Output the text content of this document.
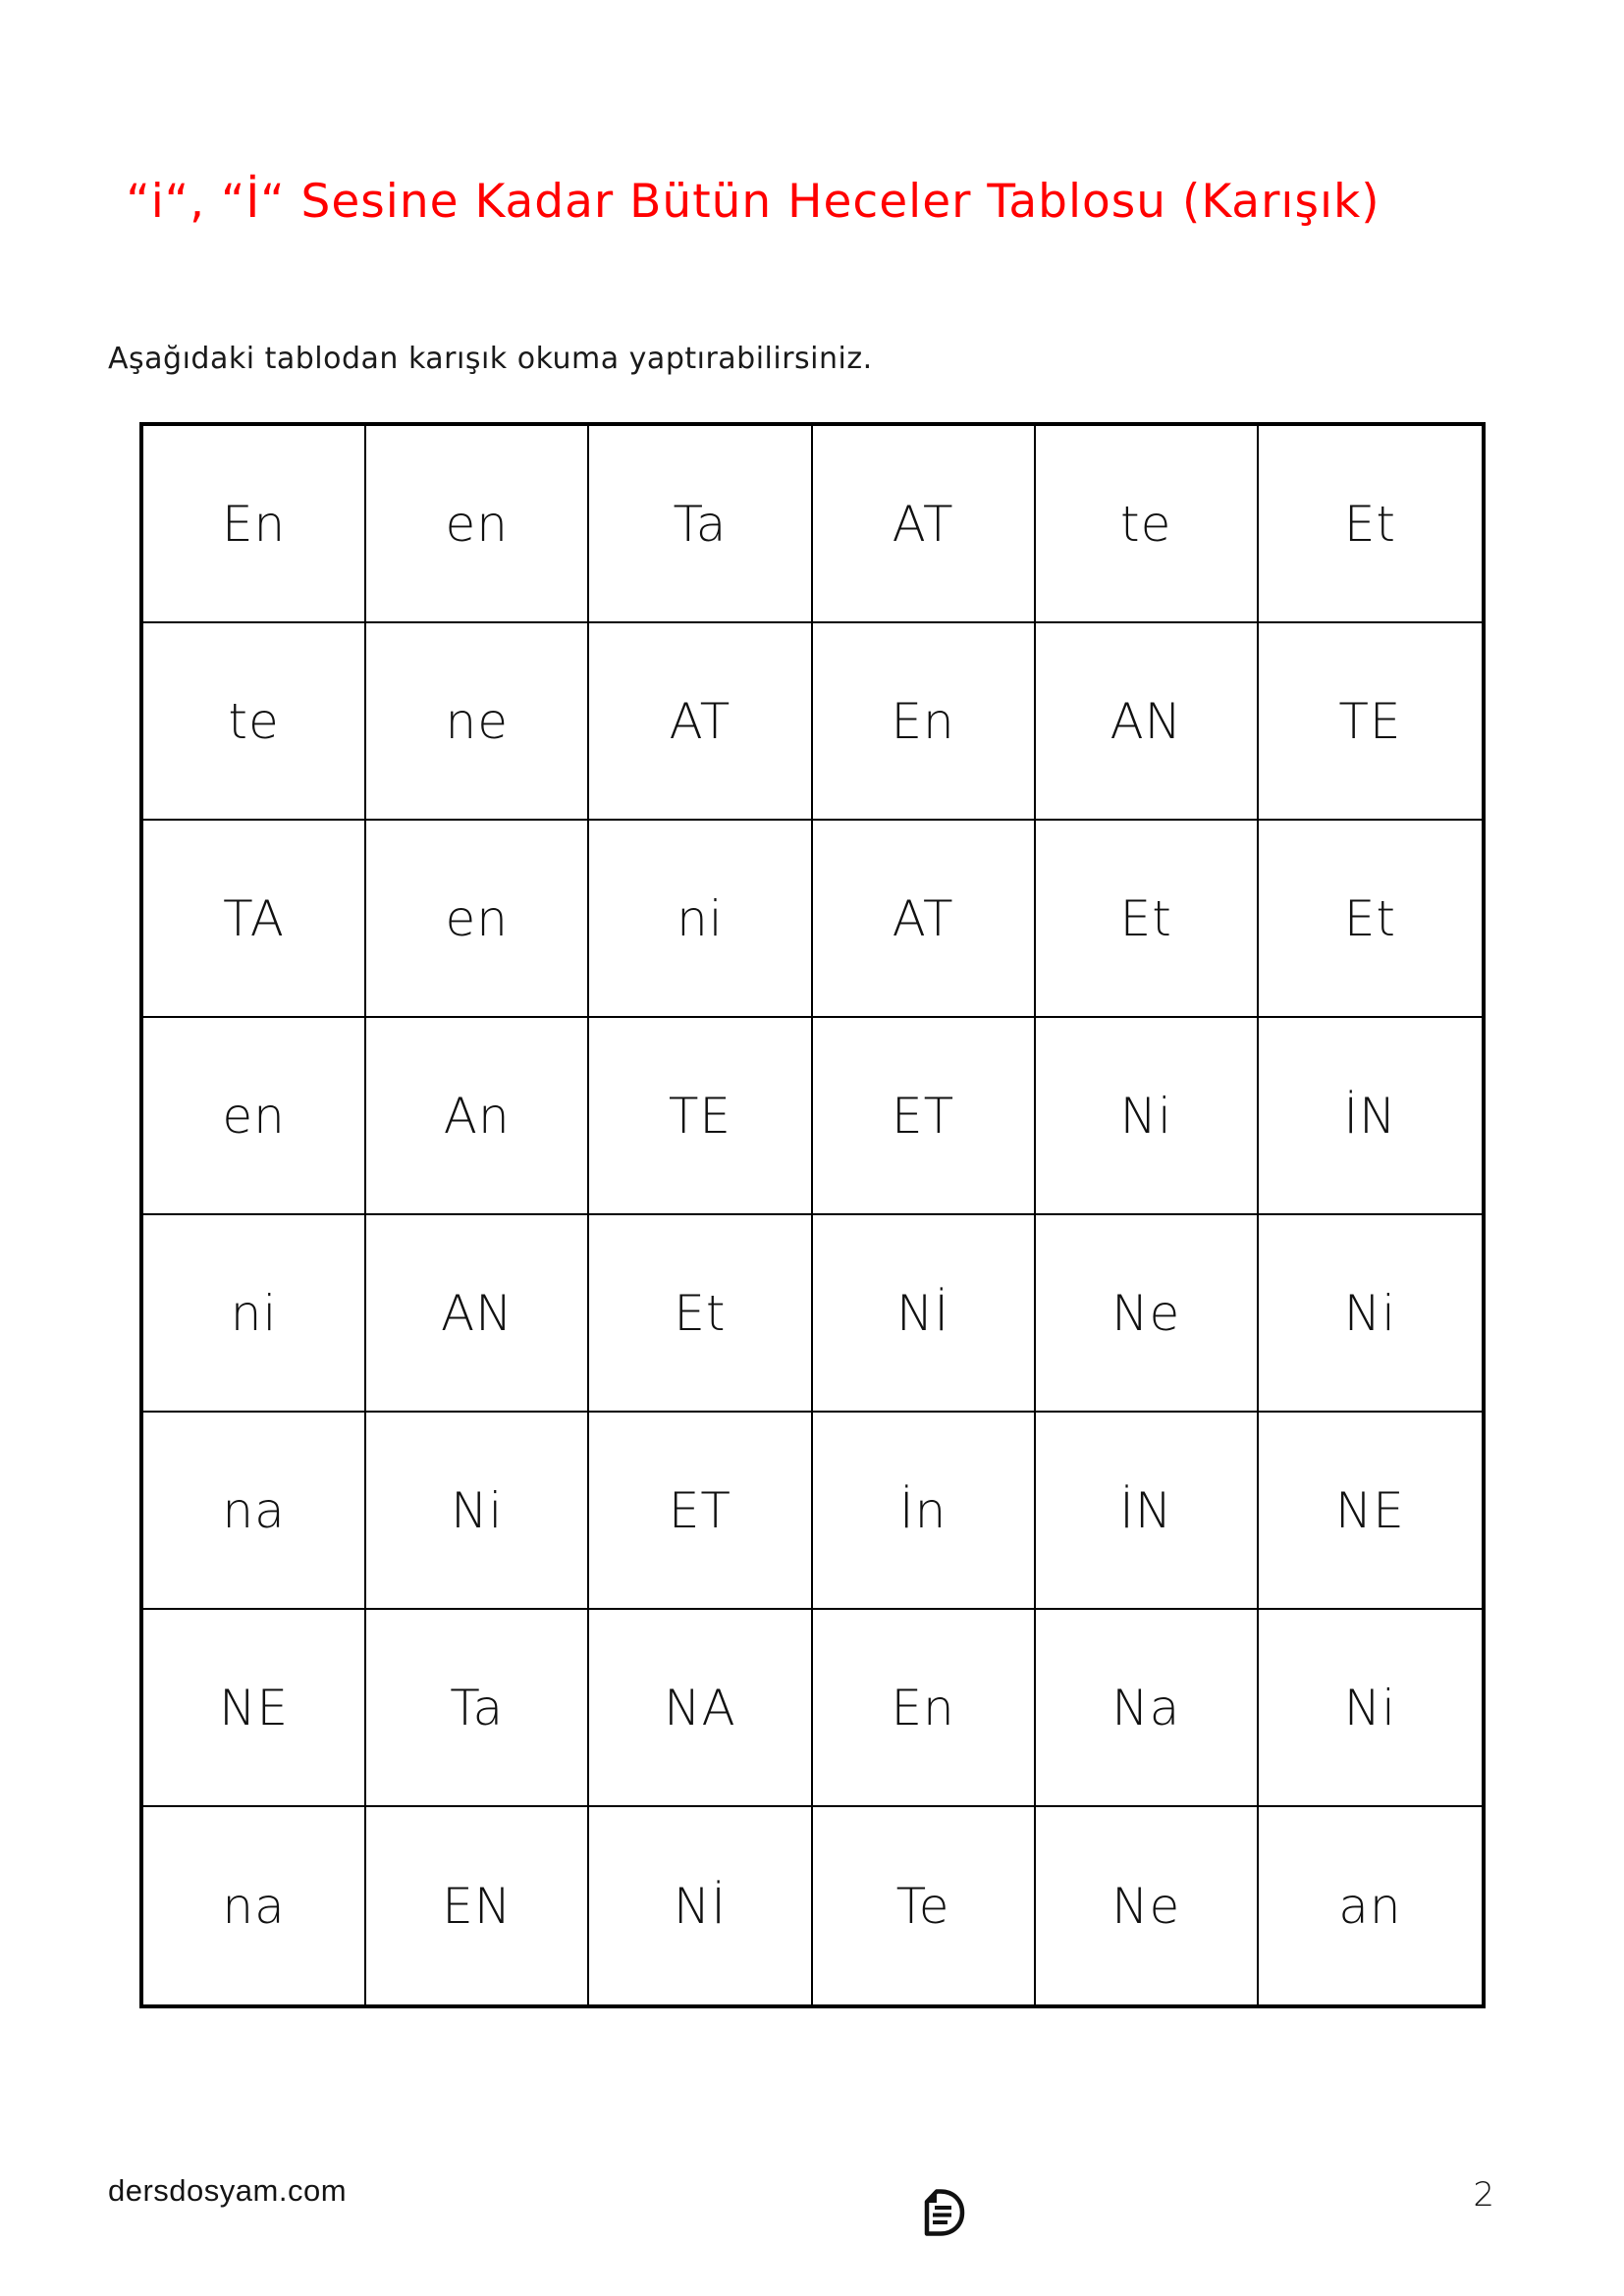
“i“, “İ“ Sesine Kadar Bütün Heceler Tablosu (Karışık)

Aşağıdaki tablodan karışık okuma yaptırabilirsiniz.

En	en	Ta	AT	te	Et
te	ne	AT	En	AN	TE
TA	en	ni	AT	Et	Et
en	An	TE	ET	Ni	İN
ni	AN	Et	Nİ	Ne	Ni
na	Ni	ET	İn	İN	NE
NE	Ta	NA	En	Na	Ni
na	EN	Nİ	Te	Ne	an
dersdosyam.com	2
